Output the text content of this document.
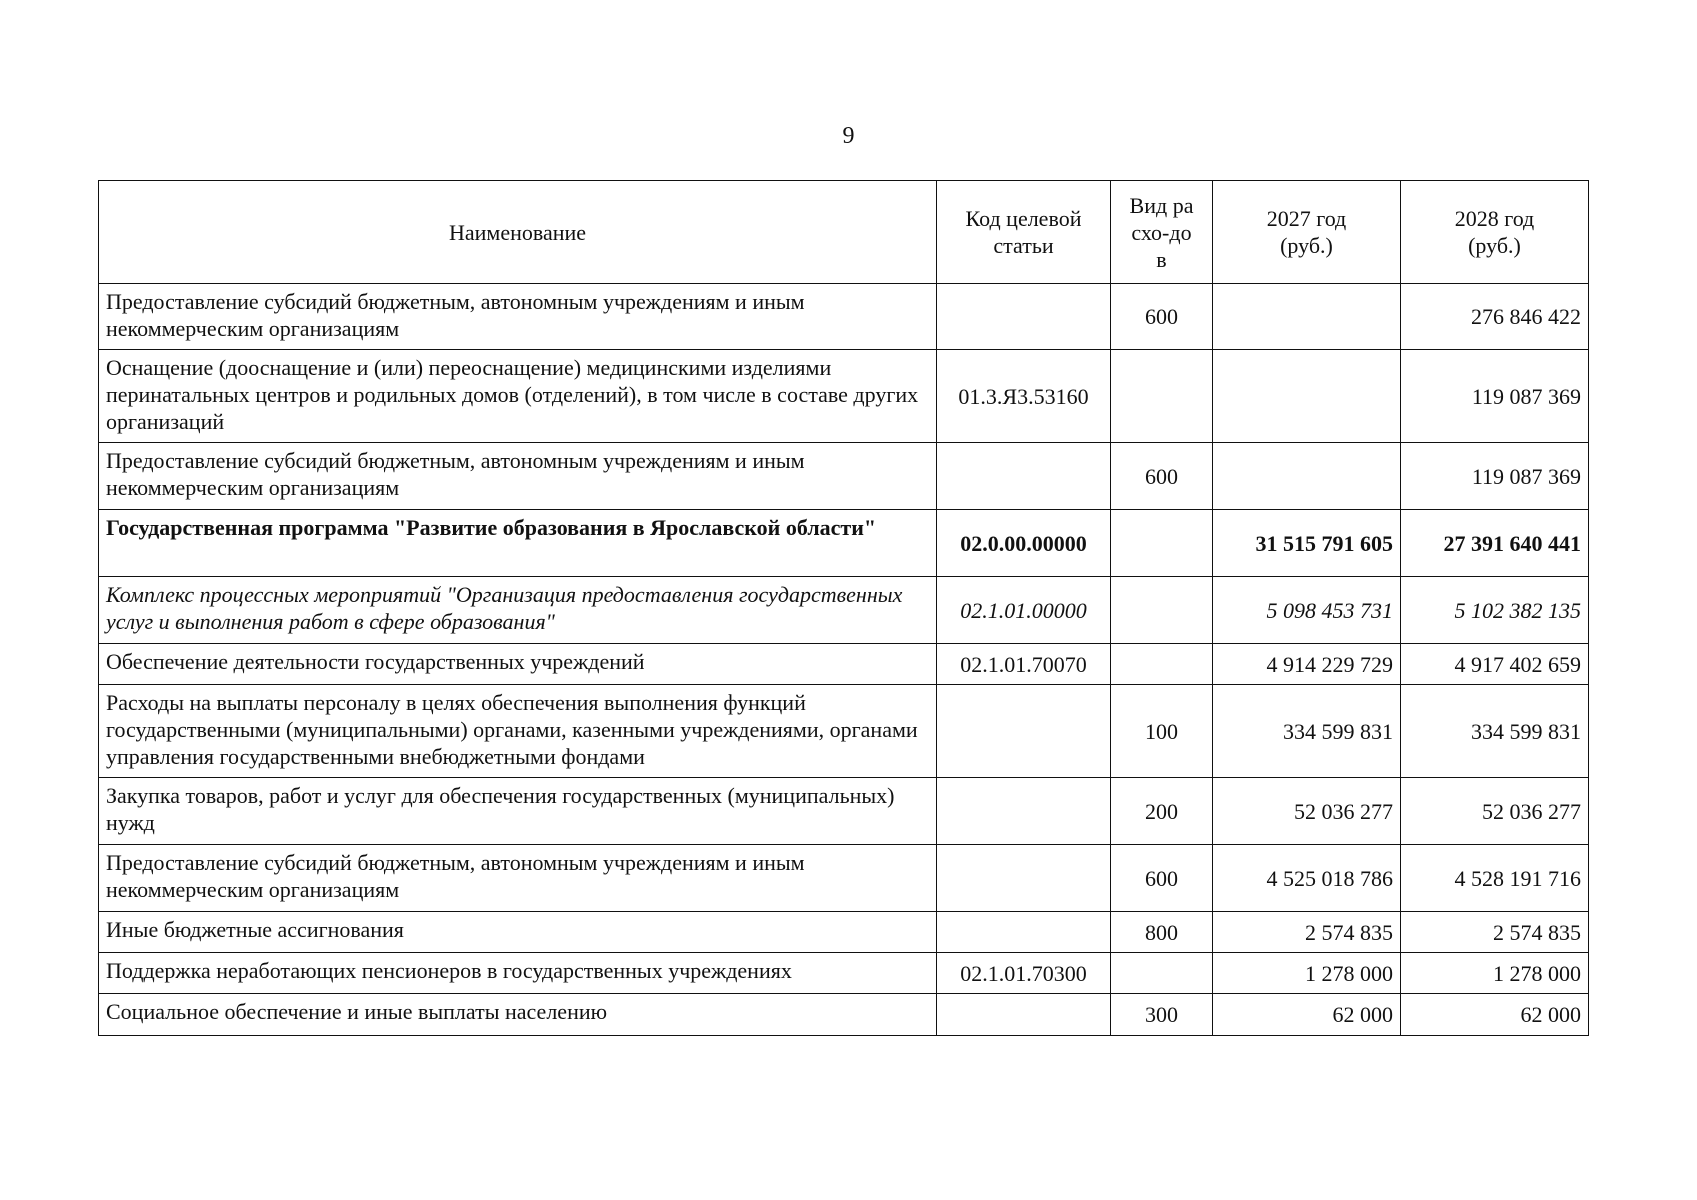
9
Наименование	Код целевой статьи	Вид расхо-дов	2027 год (руб.)	2028 год (руб.)
Предоставление субсидий бюджетным, автономным учреждениям и иным некоммерческим организациям		600		276 846 422
Оснащение (дооснащение и (или) переоснащение) медицинскими изделиями перинатальных центров и родильных домов (отделений), в том числе в составе других организаций	01.3.Я3.53160			119 087 369
Предоставление субсидий бюджетным, автономным учреждениям и иным некоммерческим организациям		600		119 087 369
Государственная программа "Развитие образования в Ярославской области"	02.0.00.00000		31 515 791 605	27 391 640 441
Комплекс процессных мероприятий "Организация предоставления государственных услуг и выполнения работ в сфере образования"	02.1.01.00000		5 098 453 731	5 102 382 135
Обеспечение деятельности государственных учреждений	02.1.01.70070		4 914 229 729	4 917 402 659
Расходы на выплаты персоналу в целях обеспечения выполнения функций государственными (муниципальными) органами, казенными учреждениями, органами управления государственными внебюджетными фондами		100	334 599 831	334 599 831
Закупка товаров, работ и услуг для обеспечения государственных (муниципальных) нужд		200	52 036 277	52 036 277
Предоставление субсидий бюджетным, автономным учреждениям и иным некоммерческим организациям		600	4 525 018 786	4 528 191 716
Иные бюджетные ассигнования		800	2 574 835	2 574 835
Поддержка неработающих пенсионеров в государственных учреждениях	02.1.01.70300		1 278 000	1 278 000
Социальное обеспечение и иные выплаты населению		300	62 000	62 000
